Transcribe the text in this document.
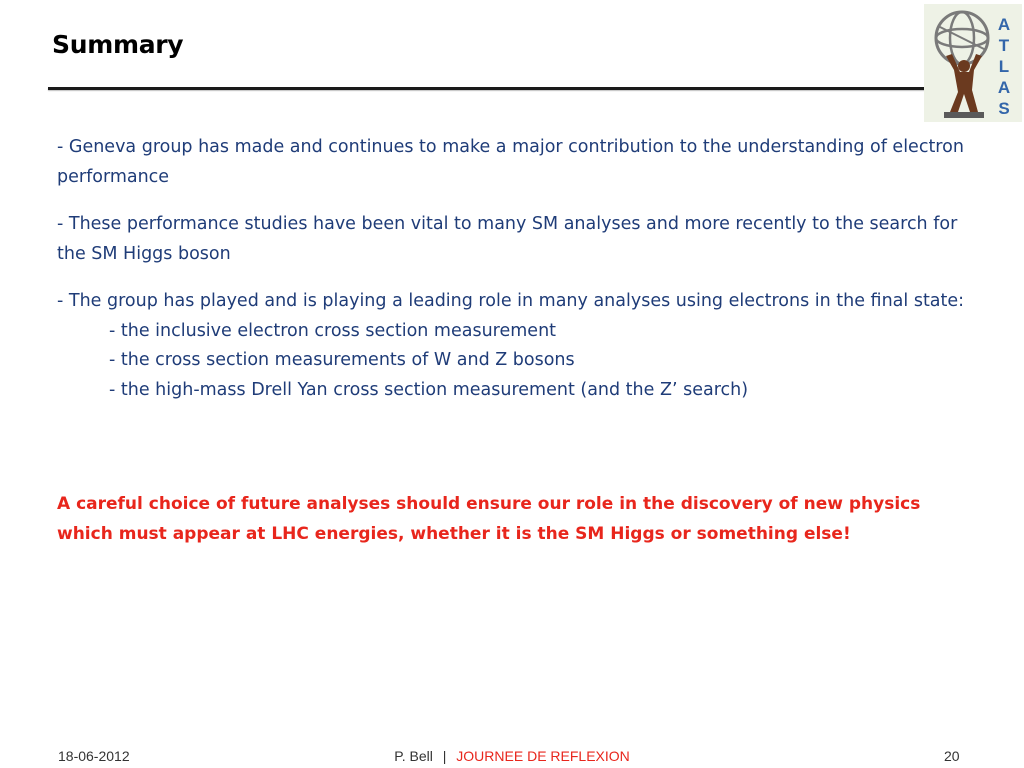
Summary
A
T
L
A
S

- Geneva group has made and continues to make a major contribution to the understanding of electron performance

- These performance studies have been vital to many SM analyses and more recently to the search for the SM Higgs boson

- The group has played and is playing a leading role in many analyses using electrons in the final state:

- the inclusive electron cross section measurement

- the cross section measurements of W and Z bosons

- the high-mass Drell Yan cross section measurement (and the Z’ search)

A careful choice of future analyses should ensure our role in the discovery of new physics which must appear at LHC energies, whether it is the SM Higgs or something else!

18-06-2012	P. Bell | JOURNEE DE REFLEXION	20
